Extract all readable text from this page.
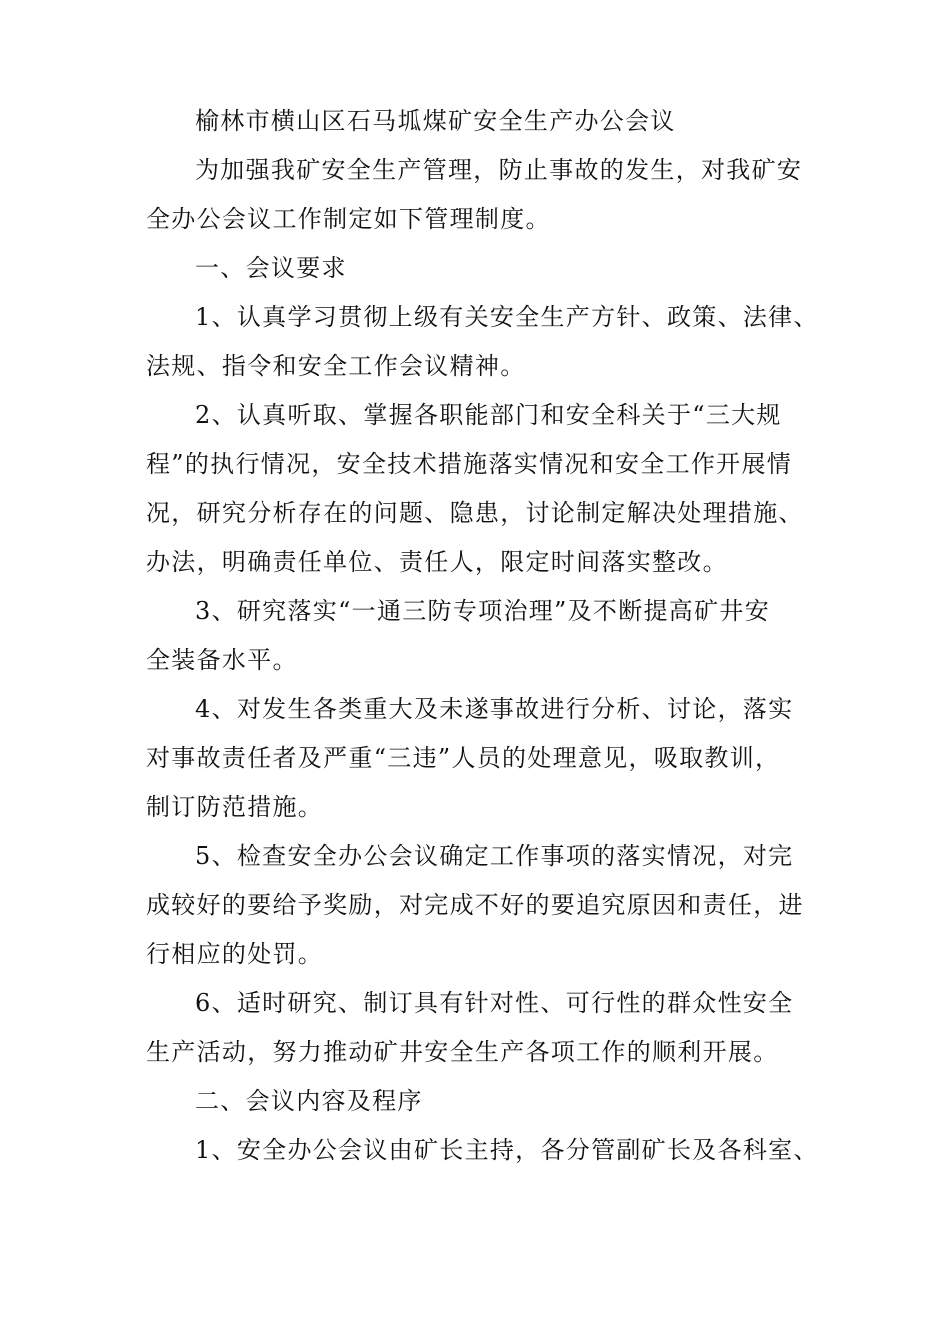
榆林市横山区石马坬煤矿安全生产办公会议

为加强我矿安全生产管理，防止事故的发生，对我矿安

全办公会议工作制定如下管理制度。

一、会议要求

1、认真学习贯彻上级有关安全生产方针、政策、法律、

法规、指令和安全工作会议精神。

2、认真听取、掌握各职能部门和安全科关于“三大规

程”的执行情况，安全技术措施落实情况和安全工作开展情

况，研究分析存在的问题、隐患，讨论制定解决处理措施、

办法，明确责任单位、责任人，限定时间落实整改。

3、研究落实“一通三防专项治理”及不断提高矿井安

全装备水平。

4、对发生各类重大及未遂事故进行分析、讨论，落实

对事故责任者及严重“三违”人员的处理意见，吸取教训，

制订防范措施。

5、检查安全办公会议确定工作事项的落实情况，对完

成较好的要给予奖励，对完成不好的要追究原因和责任，进

行相应的处罚。

6、适时研究、制订具有针对性、可行性的群众性安全

生产活动，努力推动矿井安全生产各项工作的顺利开展。

二、会议内容及程序

1、安全办公会议由矿长主持，各分管副矿长及各科室、
